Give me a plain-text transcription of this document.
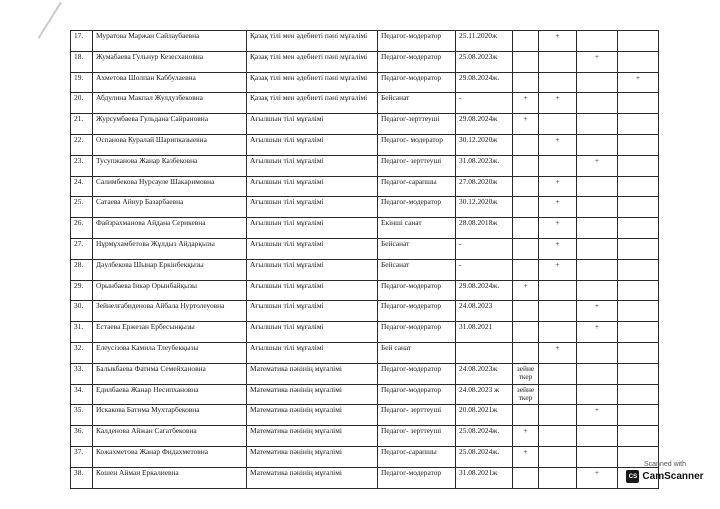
17.	Муратова Маржан Сайлаубаевна	Қазақ тілі мен әдебиеті пәні мұғалімі	Педагог-модератор	25.11.2020ж		+		
18.	Жумабаева Гульнур Кезесхановна	Қазақ тілі мен әдебиеті пәні мұғалімі	Педагог-модератор	25.08.2023ж			+	
19.	Ахметова Шолпан Каббулаевна	Қазақ тілі мен әдебиеті пәні мұғалімі	Педагог-модератор	29.08.2024ж.				+
20.	Абдулина Макпал Жулдузбековна	Қазақ тілі мен әдебиеті пәні мұғалімі	Бейсанат	-	+	+		
21.	Журсумбаева Гульдана Сайрановна	Ағылшын тілі мұғалімі	Педагог-зерттеуші	29.08.2024ж	+			
22.	Оспанова Куралай Шарипказыевна	Ағылшын тілі мұғалімі	Педагог- модератор	30.12.2020ж		+		
23.	Тусупжанова Жанар Казбековна	Ағылшын тілі мұғалімі	Педагог- зерттеуші	31.08.2023ж.			+	
24.	Салимбекова Нурсауле Шакаримовна	Ағылшын тілі мұғалімі	Педагог-сарапшы	27.08.2020ж		+		
25.	Сатаева Айнур Базарбаевна	Ағылшын тілі мұғалімі	Педагог-модератор	30.12.2020ж		+		
26.	Файзрахманова Айдана Серикевна	Ағылшын тілі мұғалімі	Екінші санат	28.08.2018ж		+		
27.	Нұрмұхамбетова Жұлдыз Айдарқызы	Ағылшын тілі мұғалімі	Бейсанат	-		+		
28.	Дәулбекова Шынар Еркінбекқызы	Ағылшын тілі мұғалімі	Бейсанат	-		+		
29.	Орынбаева Інкәр Орынбайқызы	Ағылшын тілі мұғалімі	Педагог-модератор	29.08.2024ж.	+			
30.	Зейнелғабиденова Айбала Нуртолеуовна	Ағылшын тілі мұғалімі	Педагог-модератор	24.08.2023			+	
31.	Естаева Ержезан Ербесынқызы	Ағылшын тілі мұғалімі	Педагог-модератор	31.08.2021			+	
32.	Елеусізова Камила Тлеубекқызы	Ағылшын тілі мұғалімі	Бей санат			+		
33.	Балыкбаева Фатима Семейхановна	Математика пәнінің мұғалімі	Педагог-модератор	24.08.2023ж	зейне ткер			
34.	Едилбаева Жанар Несипхановна	Математика пәнінің мұғалімі	Педагог-модератор	24.08.2023 ж	зейне ткер			
35.	Искакова Батима Мухтарбековна	Математика пәнінің мұғалімі	Педагог- зерттеуші	20.08.2021ж			+	
36.	Калденова Айжан Сагатбековна	Математика пәнінің мұғалімі	Педагог- зерттеуші	25.08.2024ж.	+			
37.	Кожахметова Жанар Фидахметовна	Математика пәнінің мұғалімі	Педагог-сарапшы	25.08.2024ж.	+			
38.	Кошен Айман Еркалиевна	Математика пәнінің мұғалімі	Педагог-модератор	31.08.2021ж			+	
Scanned with
CS CamScanner
